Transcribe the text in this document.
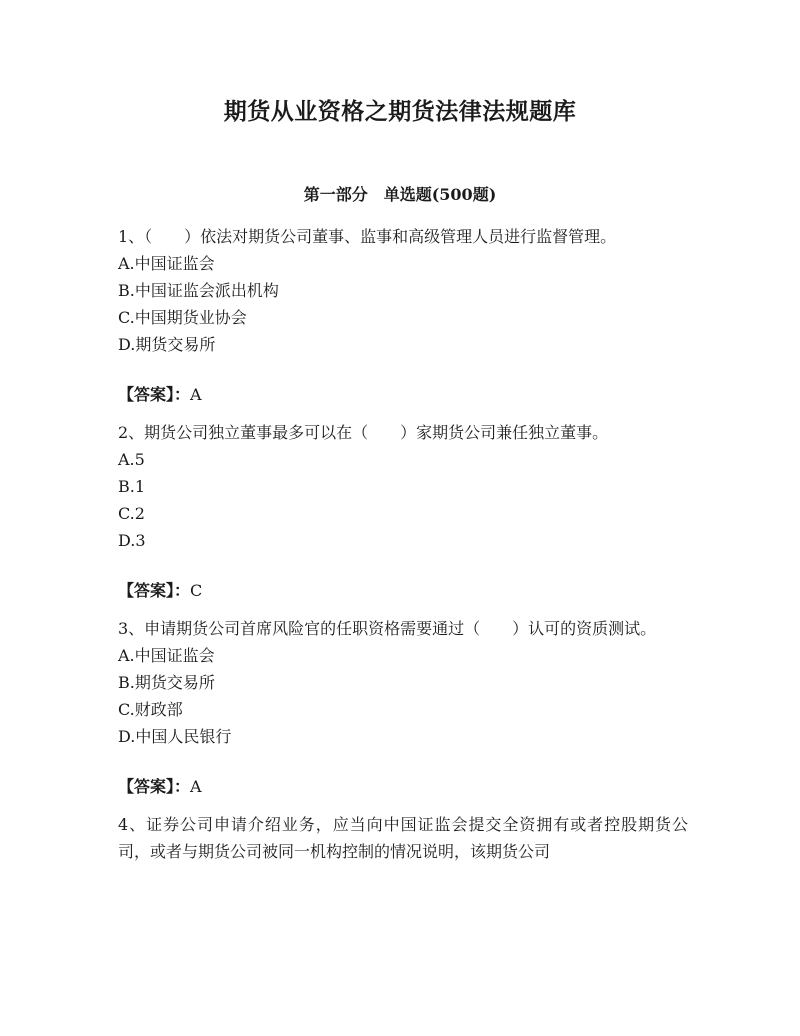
期货从业资格之期货法律法规题库
第一部分　单选题(500题)

1、（　　）依法对期货公司董事、监事和高级管理人员进行监督管理。

A.中国证监会

B.中国证监会派出机构

C.中国期货业协会

D.期货交易所

【答案】：A

2、期货公司独立董事最多可以在（　　）家期货公司兼任独立董事。

A.5

B.1

C.2

D.3

【答案】：C

3、申请期货公司首席风险官的任职资格需要通过（　　）认可的资质测试。

A.中国证监会

B.期货交易所

C.财政部

D.中国人民银行

【答案】：A

4、证券公司申请介绍业务，应当向中国证监会提交全资拥有或者控股期货公司，或者与期货公司被同一机构控制的情况说明，该期货公司
